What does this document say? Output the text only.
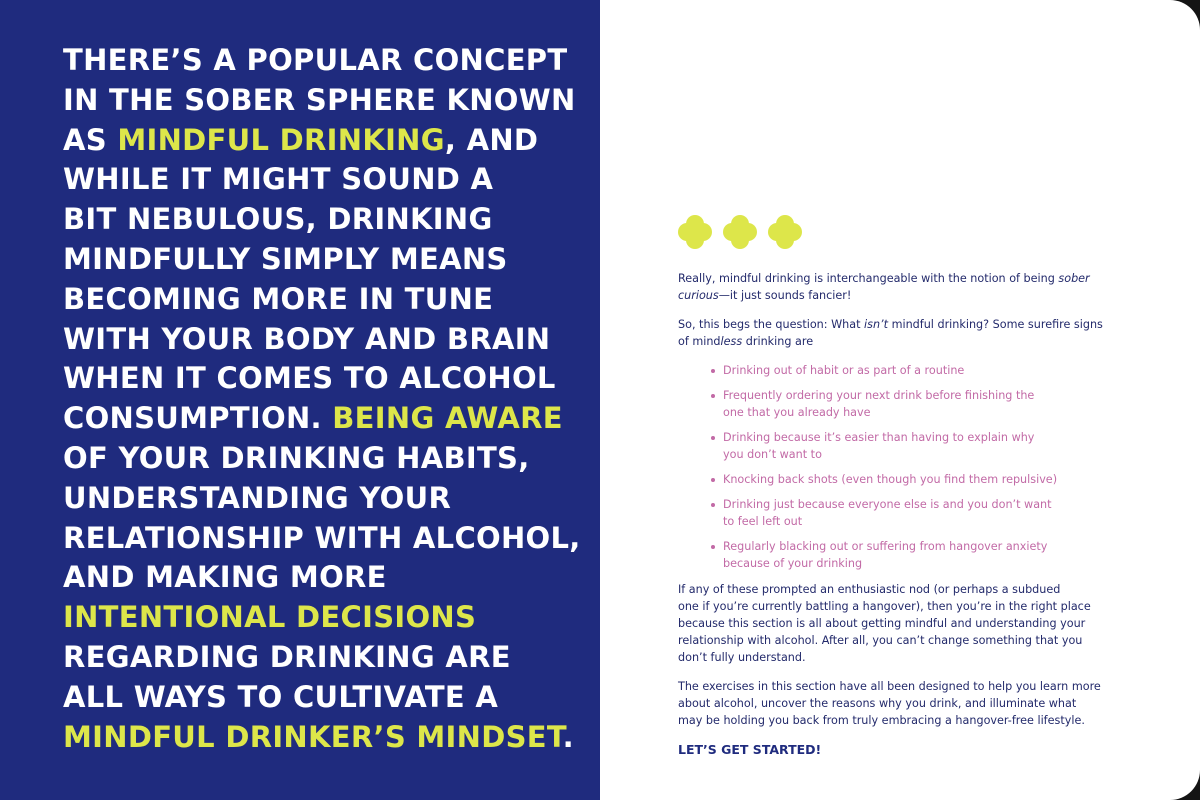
THERE’S A POPULAR CONCEPT
IN THE SOBER SPHERE KNOWN
AS MINDFUL DRINKING, AND
WHILE IT MIGHT SOUND A
BIT NEBULOUS, DRINKING
MINDFULLY SIMPLY MEANS
BECOMING MORE IN TUNE
WITH YOUR BODY AND BRAIN
WHEN IT COMES TO ALCOHOL
CONSUMPTION. BEING AWARE
OF YOUR DRINKING HABITS,
UNDERSTANDING YOUR
RELATIONSHIP WITH ALCOHOL,
AND MAKING MORE
INTENTIONAL DECISIONS
REGARDING DRINKING ARE
ALL WAYS TO CULTIVATE A
MINDFUL DRINKER’S MINDSET.

Really, mindful drinking is interchangeable with the notion of being sober
curious—it just sounds fancier!

So, this begs the question: What isn’t mindful drinking? Some surefire signs
of mindless drinking are

Drinking out of habit or as part of a routine
Frequently ordering your next drink before finishing the
one that you already have
Drinking because it’s easier than having to explain why
you don’t want to
Knocking back shots (even though you find them repulsive)
Drinking just because everyone else is and you don’t want
to feel left out
Regularly blacking out or suffering from hangover anxiety
because of your drinking

If any of these prompted an enthusiastic nod (or perhaps a subdued
one if you’re currently battling a hangover), then you’re in the right place
because this section is all about getting mindful and understanding your
relationship with alcohol. After all, you can’t change something that you
don’t fully understand.

The exercises in this section have all been designed to help you learn more
about alcohol, uncover the reasons why you drink, and illuminate what
may be holding you back from truly embracing a hangover-free lifestyle.

LET’S GET STARTED!
